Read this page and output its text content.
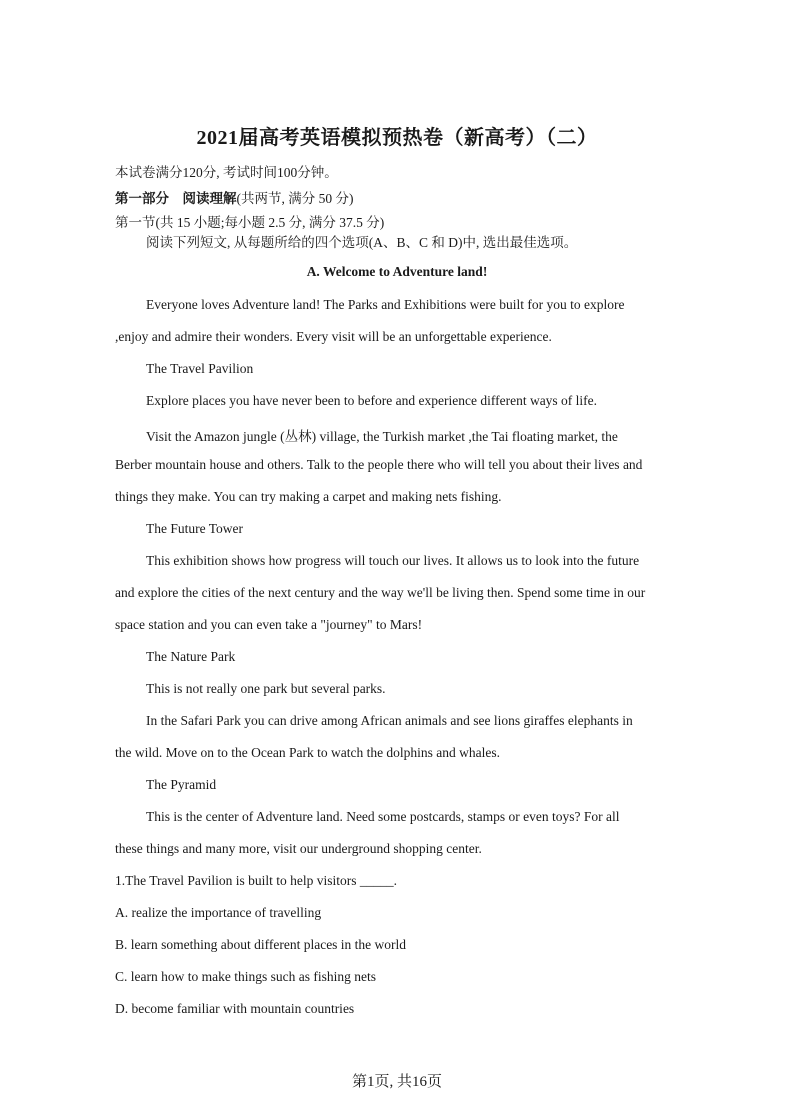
2021届高考英语模拟预热卷（新高考）（二）
本试卷满分120分, 考试时间100分钟。
第一部分 阅读理解(共两节, 满分 50 分)
第一节(共 15 小题;每小题 2.5 分, 满分 37.5 分)
阅读下列短文, 从每题所给的四个选项(A、B、C 和 D)中, 选出最佳选项。
A. Welcome to Adventure land!
Everyone loves Adventure land! The Parks and Exhibitions were built for you to explore
,enjoy and admire their wonders. Every visit will be an unforgettable experience.
The Travel Pavilion
Explore places you have never been to before and experience different ways of life.
Visit the Amazon jungle (丛林) village, the Turkish market ,the Tai floating market, the
Berber mountain house and others. Talk to the people there who will tell you about their lives and
things they make. You can try making a carpet and making nets fishing.
The Future Tower
This exhibition shows how progress will touch our lives. It allows us to look into the future
and explore the cities of the next century and the way we'll be living then. Spend some time in our
space station and you can even take a "journey" to Mars!
The Nature Park
This is not really one park but several parks.
In the Safari Park you can drive among African animals and see lions giraffes elephants in
the wild. Move on to the Ocean Park to watch the dolphins and whales.
The Pyramid
This is the center of Adventure land. Need some postcards, stamps or even toys? For all
these things and many more, visit our underground shopping center.
1.The Travel Pavilion is built to help visitors _____.
A. realize the importance of travelling
B. learn something about different places in the world
C. learn how to make things such as fishing nets
D. become familiar with mountain countries
第1页, 共16页
